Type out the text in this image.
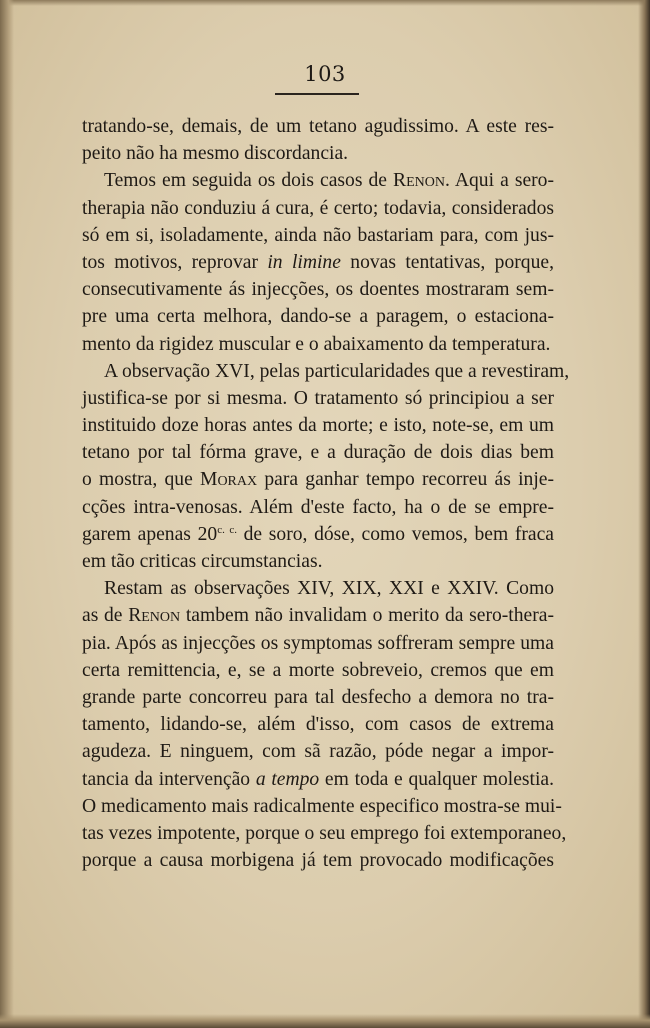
103
tratando-se, demais, de um tetano agudissimo. A este res-
peito não ha mesmo discordancia.
Temos em seguida os dois casos de Renon. Aqui a sero-
therapia não conduziu á cura, é certo; todavia, considerados
só em si, isoladamente, ainda não bastariam para, com jus-
tos motivos, reprovar in limine novas tentativas, porque,
consecutivamente ás injecções, os doentes mostraram sem-
pre uma certa melhora, dando-se a paragem, o estaciona-
mento da rigidez muscular e o abaixamento da temperatura.
A observação XVI, pelas particularidades que a revestiram,
justifica-se por si mesma. O tratamento só principiou a ser
instituido doze horas antes da morte; e isto, note-se, em um
tetano por tal fórma grave, e a duração de dois dias bem
o mostra, que Morax para ganhar tempo recorreu ás inje-
cções intra-venosas. Além d'este facto, ha o de se empre-
garem apenas $20^{c. c.}$ de soro, dóse, como vemos, bem fraca
em tão criticas circumstancias.
Restam as observações XIV, XIX, XXI e XXIV. Como
as de Renon tambem não invalidam o merito da sero-thera-
pia. Após as injecções os symptomas soffreram sempre uma
certa remittencia, e, se a morte sobreveio, cremos que em
grande parte concorreu para tal desfecho a demora no tra-
tamento, lidando-se, além d'isso, com casos de extrema
agudeza. E ninguem, com sã razão, póde negar a impor-
tancia da intervenção a tempo em toda e qualquer molestia.
O medicamento mais radicalmente especifico mostra-se mui-
tas vezes impotente, porque o seu emprego foi extemporaneo,
porque a causa morbigena já tem provocado modificações
